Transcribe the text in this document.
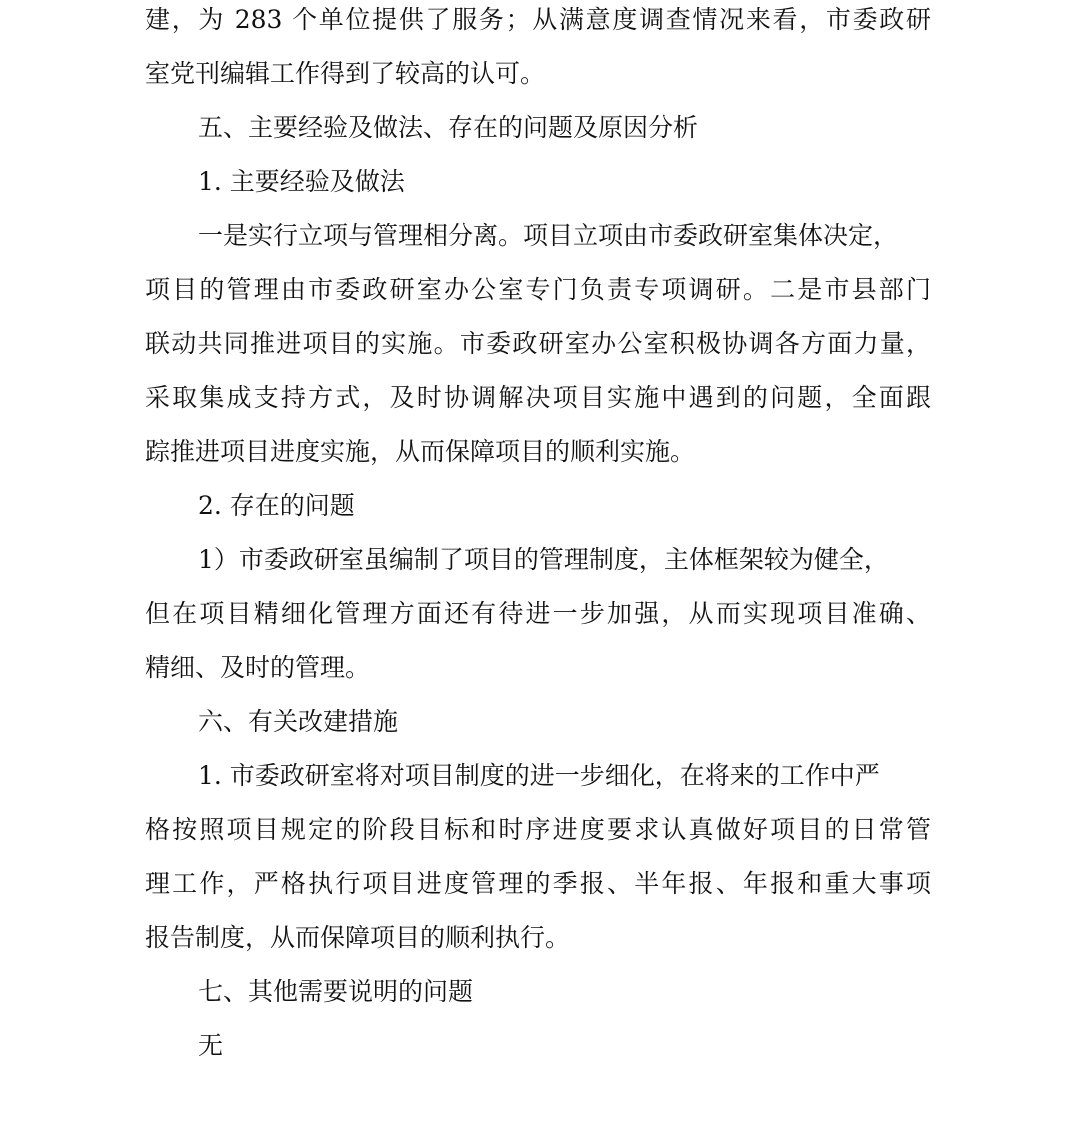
建，为 283 个单位提供了服务；从满意度调查情况来看，市委政研
室党刊编辑工作得到了较高的认可。
五、主要经验及做法、存在的问题及原因分析
1. 主要经验及做法
一是实行立项与管理相分离。项目立项由市委政研室集体决定，
项目的管理由市委政研室办公室专门负责专项调研。二是市县部门
联动共同推进项目的实施。市委政研室办公室积极协调各方面力量，
采取集成支持方式，及时协调解决项目实施中遇到的问题，全面跟
踪推进项目进度实施，从而保障项目的顺利实施。
2. 存在的问题
1）市委政研室虽编制了项目的管理制度，主体框架较为健全，
但在项目精细化管理方面还有待进一步加强，从而实现项目准确、
精细、及时的管理。
六、有关改建措施
1. 市委政研室将对项目制度的进一步细化，在将来的工作中严
格按照项目规定的阶段目标和时序进度要求认真做好项目的日常管
理工作，严格执行项目进度管理的季报、半年报、年报和重大事项
报告制度，从而保障项目的顺利执行。
七、其他需要说明的问题
无
